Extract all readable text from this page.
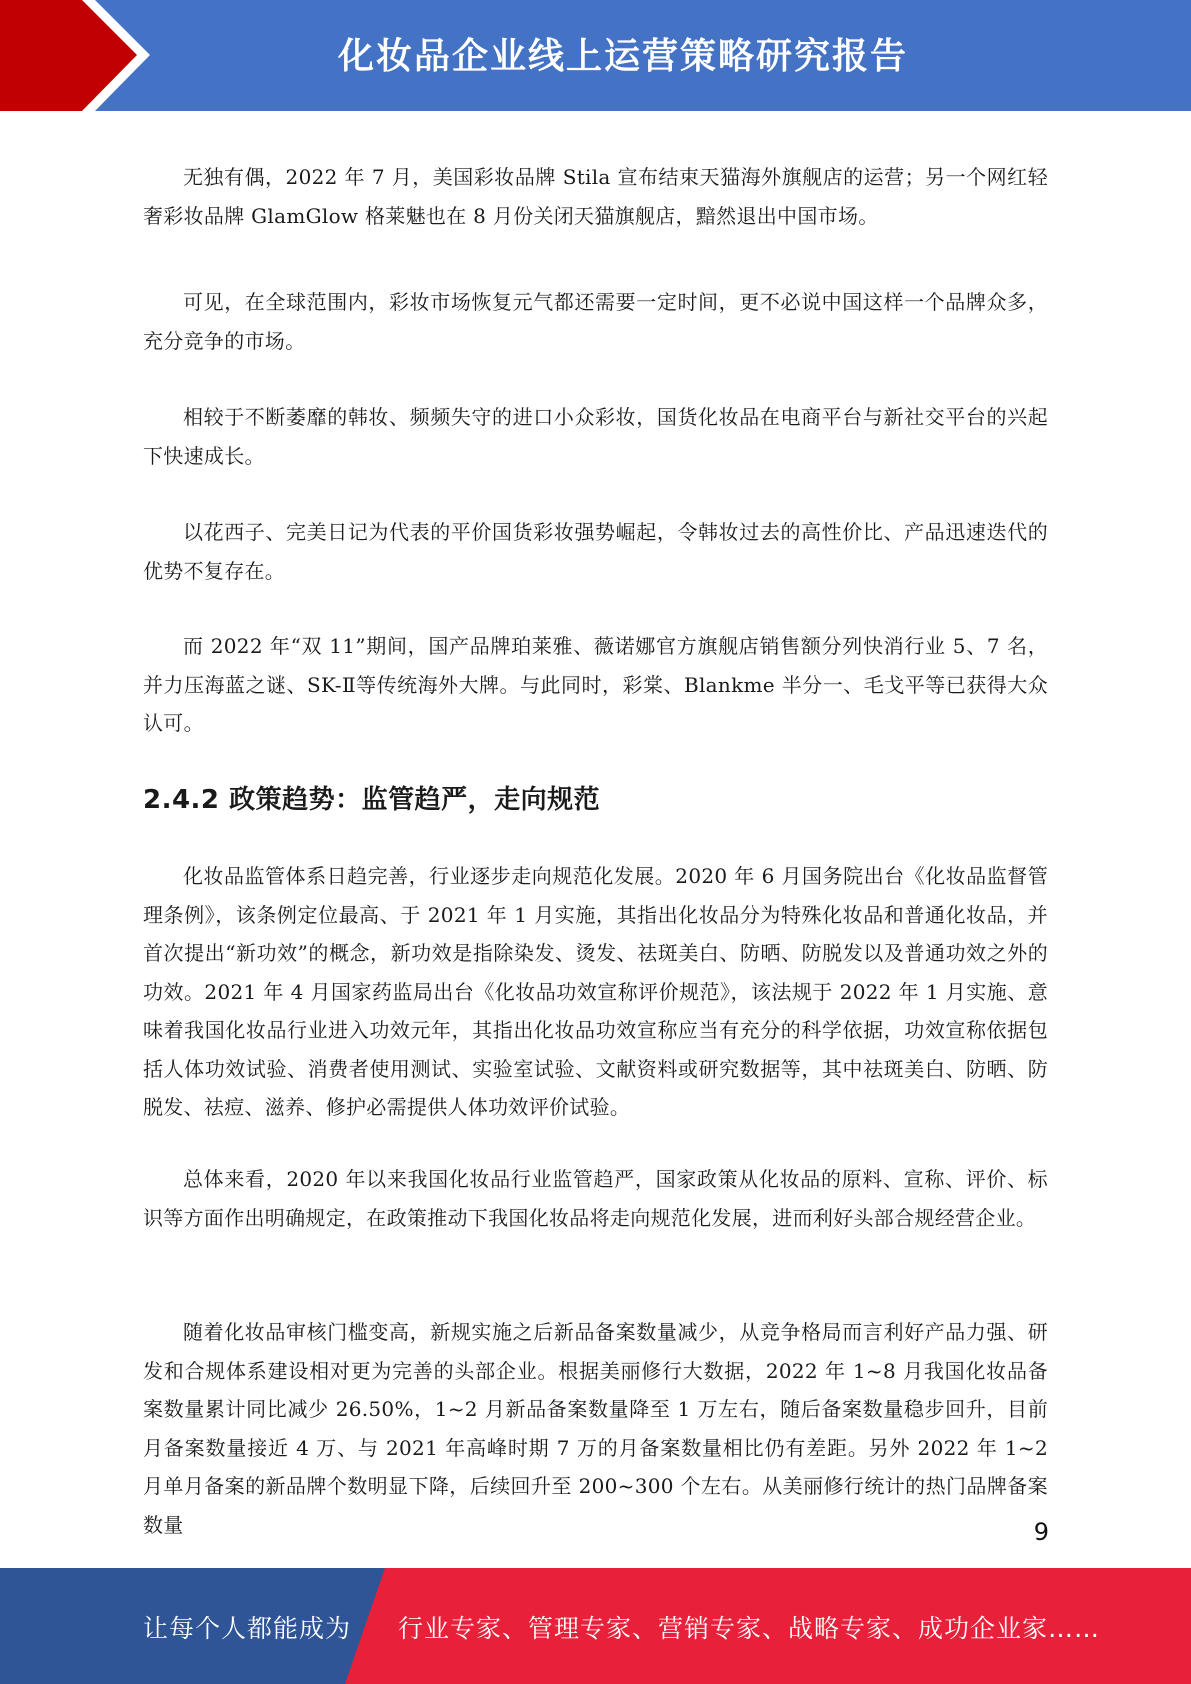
化妆品企业线上运营策略研究报告

无独有偶，2022 年 7 月，美国彩妆品牌 Stila 宣布结束天猫海外旗舰店的运营；另一个网红轻奢彩妆品牌 GlamGlow 格莱魅也在 8 月份关闭天猫旗舰店，黯然退出中国市场。

可见，在全球范围内，彩妆市场恢复元气都还需要一定时间，更不必说中国这样一个品牌众多，充分竞争的市场。

相较于不断萎靡的韩妆、频频失守的进口小众彩妆，国货化妆品在电商平台与新社交平台的兴起下快速成长。

以花西子、完美日记为代表的平价国货彩妆强势崛起，令韩妆过去的高性价比、产品迅速迭代的优势不复存在。

而 2022 年“双 11”期间，国产品牌珀莱雅、薇诺娜官方旗舰店销售额分列快消行业 5、7 名，并力压海蓝之谜、SK-Ⅱ等传统海外大牌。与此同时，彩棠、Blankme 半分一、毛戈平等已获得大众认可。

2.4.2 政策趋势：监管趋严，走向规范

化妆品监管体系日趋完善，行业逐步走向规范化发展。2020 年 6 月国务院出台《化妆品监督管理条例》，该条例定位最高、于 2021 年 1 月实施，其指出化妆品分为特殊化妆品和普通化妆品，并首次提出“新功效”的概念，新功效是指除染发、烫发、祛斑美白、防晒、防脱发以及普通功效之外的功效。2021 年 4 月国家药监局出台《化妆品功效宣称评价规范》，该法规于 2022 年 1 月实施、意味着我国化妆品行业进入功效元年，其指出化妆品功效宣称应当有充分的科学依据，功效宣称依据包括人体功效试验、消费者使用测试、实验室试验、文献资料或研究数据等，其中祛斑美白、防晒、防脱发、祛痘、滋养、修护必需提供人体功效评价试验。

总体来看，2020 年以来我国化妆品行业监管趋严，国家政策从化妆品的原料、宣称、评价、标识等方面作出明确规定，在政策推动下我国化妆品将走向规范化发展，进而利好头部合规经营企业。

随着化妆品审核门槛变高，新规实施之后新品备案数量减少，从竞争格局而言利好产品力强、研发和合规体系建设相对更为完善的头部企业。根据美丽修行大数据，2022 年 1~8 月我国化妆品备案数量累计同比减少 26.50%，1~2 月新品备案数量降至 1 万左右，随后备案数量稳步回升，目前月备案数量接近 4 万、与 2021 年高峰时期 7 万的月备案数量相比仍有差距。另外 2022 年 1~2 月单月备案的新品牌个数明显下降，后续回升至 200~300 个左右。从美丽修行统计的热门品牌备案数量	9
让每个人都能成为 行业专家、管理专家、营销专家、战略专家、成功企业家……
